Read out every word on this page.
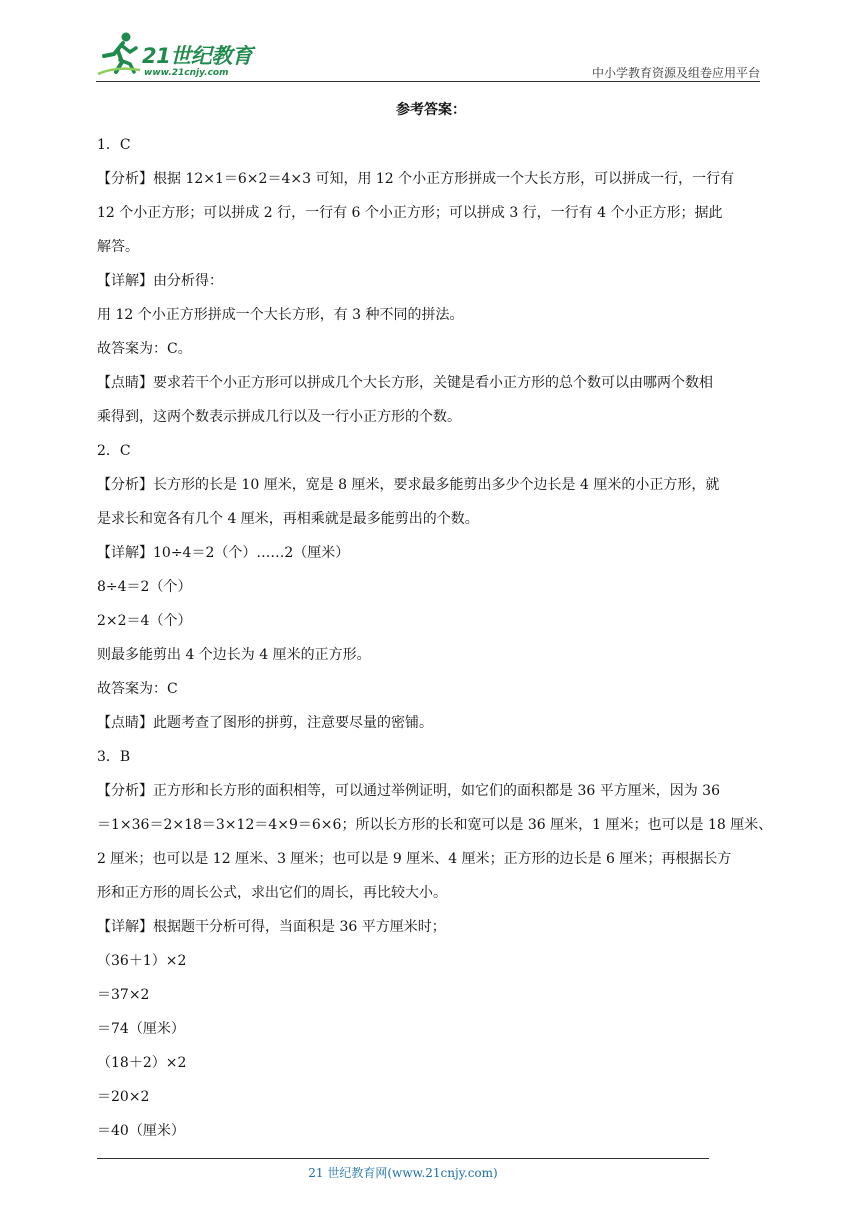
21世纪教育
www.21cnjy.com	中小学教育资源及组卷应用平台

参考答案：

1．C

【分析】根据 12×1＝6×2＝4×3 可知，用 12 个小正方形拼成一个大长方形，可以拼成一行，一行有

12 个小正方形；可以拼成 2 行，一行有 6 个小正方形；可以拼成 3 行，一行有 4 个小正方形；据此

解答。

【详解】由分析得：

用 12 个小正方形拼成一个大长方形，有 3 种不同的拼法。

故答案为：C。

【点睛】要求若干个小正方形可以拼成几个大长方形，关键是看小正方形的总个数可以由哪两个数相

乘得到，这两个数表示拼成几行以及一行小正方形的个数。

2．C

【分析】长方形的长是 10 厘米，宽是 8 厘米，要求最多能剪出多少个边长是 4 厘米的小正方形，就

是求长和宽各有几个 4 厘米，再相乘就是最多能剪出的个数。

【详解】10÷4＝2（个）……2（厘米）

8÷4＝2（个）

2×2＝4（个）

则最多能剪出 4 个边长为 4 厘米的正方形。

故答案为：C

【点睛】此题考查了图形的拼剪，注意要尽量的密铺。

3．B

【分析】正方形和长方形的面积相等，可以通过举例证明，如它们的面积都是 36 平方厘米，因为 36

＝1×36＝2×18＝3×12＝4×9＝6×6；所以长方形的长和宽可以是 36 厘米，1 厘米；也可以是 18 厘米、

2 厘米；也可以是 12 厘米、3 厘米；也可以是 9 厘米、4 厘米；正方形的边长是 6 厘米；再根据长方

形和正方形的周长公式，求出它们的周长，再比较大小。

【详解】根据题干分析可得，当面积是 36 平方厘米时；

（36＋1）×2

＝37×2

＝74（厘米）

（18＋2）×2

＝20×2

＝40（厘米）

21 世纪教育网(www.21cnjy.com)
